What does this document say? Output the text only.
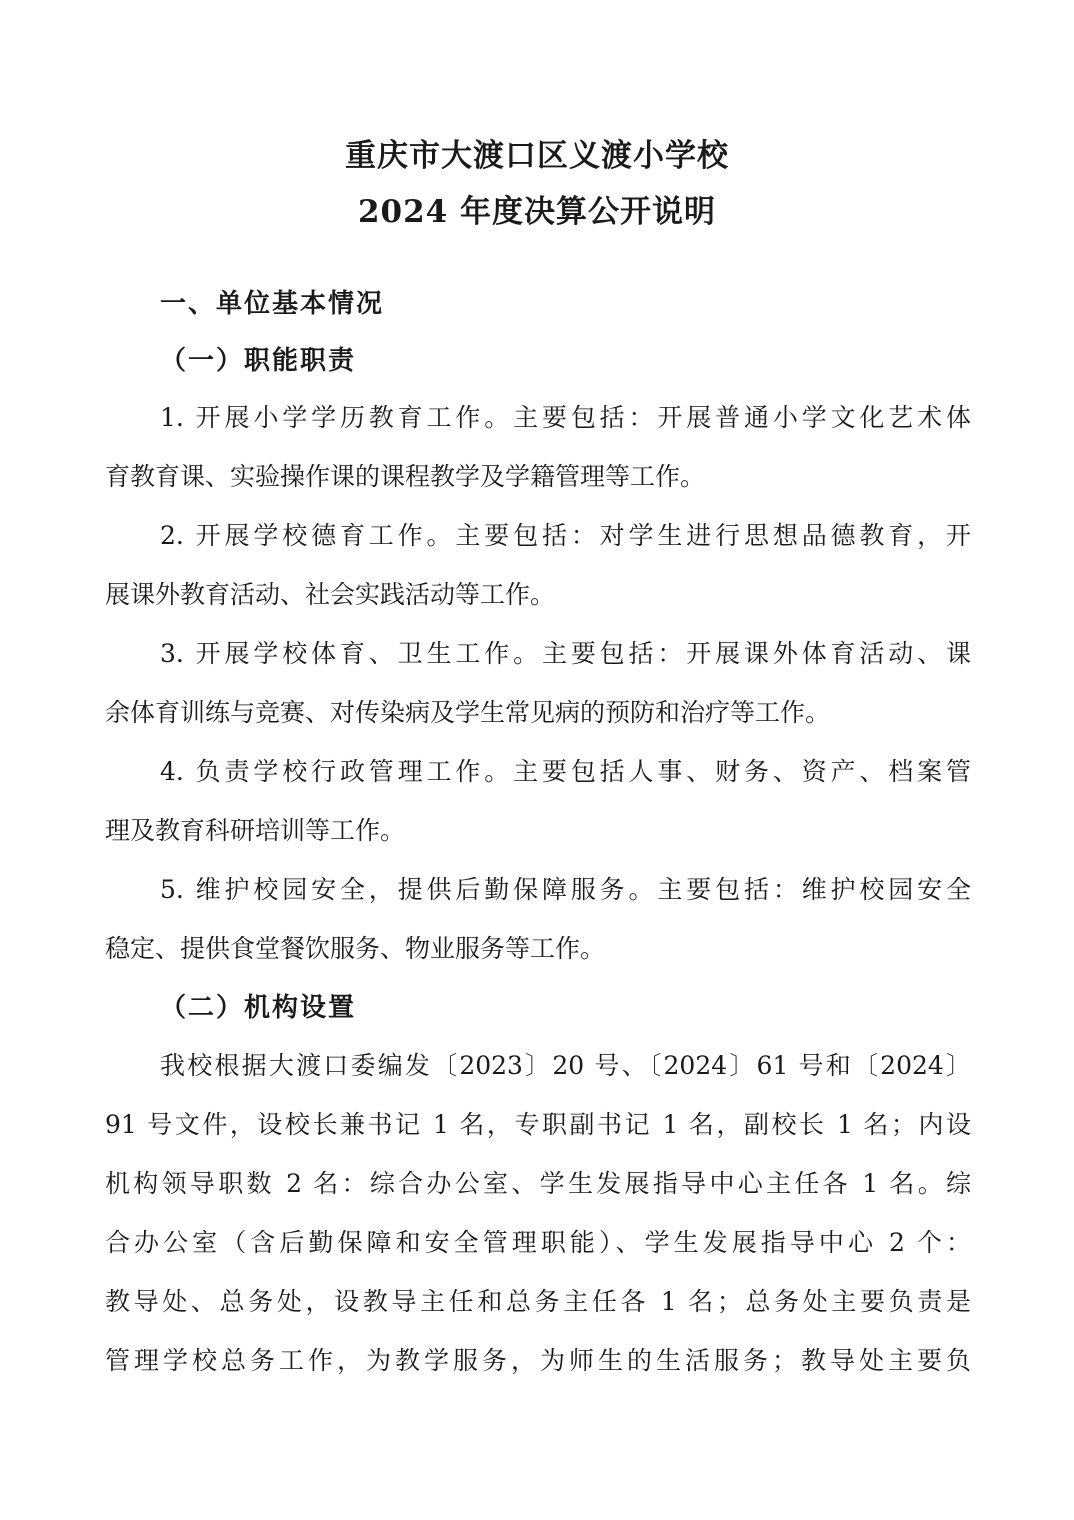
重庆市大渡口区义渡小学校
2024 年度决算公开说明
一、单位基本情况
（一）职能职责
1. 开展小学学历教育工作。主要包括：开展普通小学文化艺术体
育教育课、实验操作课的课程教学及学籍管理等工作。
2. 开展学校德育工作。主要包括：对学生进行思想品德教育，开
展课外教育活动、社会实践活动等工作。
3. 开展学校体育、卫生工作。主要包括：开展课外体育活动、课
余体育训练与竞赛、对传染病及学生常见病的预防和治疗等工作。
4. 负责学校行政管理工作。主要包括人事、财务、资产、档案管
理及教育科研培训等工作。
5. 维护校园安全，提供后勤保障服务。主要包括：维护校园安全
稳定、提供食堂餐饮服务、物业服务等工作。
（二）机构设置
我校根据大渡口委编发〔2023〕20 号、〔2024〕61 号和〔2024〕
91 号文件，设校长兼书记 1 名，专职副书记 1 名，副校长 1 名；内设
机构领导职数 2 名：综合办公室、学生发展指导中心主任各 1 名。综
合办公室（含后勤保障和安全管理职能）、学生发展指导中心 2 个：
教导处、总务处，设教导主任和总务主任各 1 名；总务处主要负责是
管理学校总务工作，为教学服务，为师生的生活服务；教导处主要负
